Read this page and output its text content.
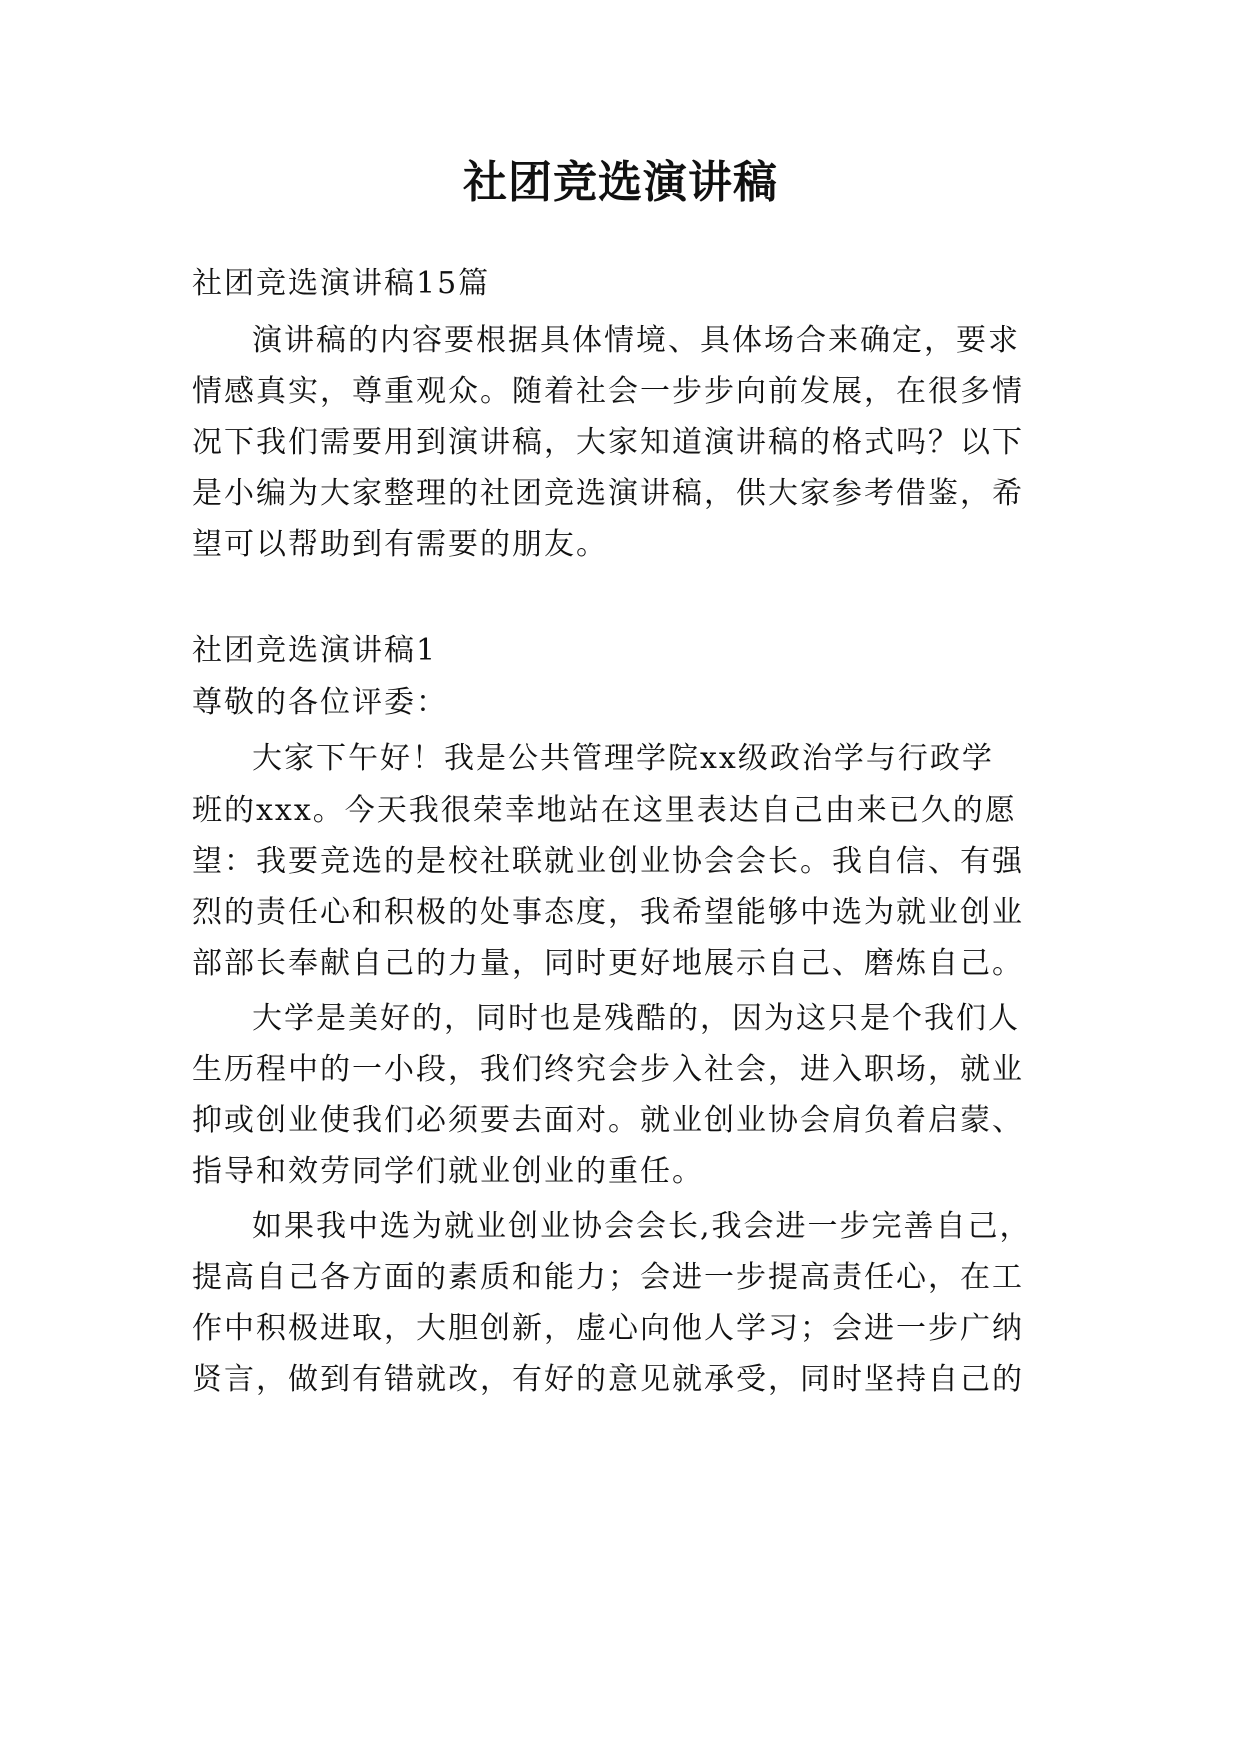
社团竞选演讲稿
社团竞选演讲稿15篇
演讲稿的内容要根据具体情境、具体场合来确定，要求
情感真实，尊重观众。随着社会一步步向前发展，在很多情
况下我们需要用到演讲稿，大家知道演讲稿的格式吗？以下
是小编为大家整理的社团竞选演讲稿，供大家参考借鉴，希
望可以帮助到有需要的朋友。
社团竞选演讲稿1
尊敬的各位评委：
大家下午好！我是公共管理学院xx级政治学与行政学
班的xxx。今天我很荣幸地站在这里表达自己由来已久的愿
望：我要竞选的是校社联就业创业协会会长。我自信、有强
烈的责任心和积极的处事态度，我希望能够中选为就业创业
部部长奉献自己的力量，同时更好地展示自己、磨炼自己。
大学是美好的，同时也是残酷的，因为这只是个我们人
生历程中的一小段，我们终究会步入社会，进入职场，就业
抑或创业使我们必须要去面对。就业创业协会肩负着启蒙、
指导和效劳同学们就业创业的重任。
如果我中选为就业创业协会会长,我会进一步完善自己，
提高自己各方面的素质和能力；会进一步提高责任心，在工
作中积极进取，大胆创新，虚心向他人学习；会进一步广纳
贤言，做到有错就改，有好的意见就承受，同时坚持自己的
